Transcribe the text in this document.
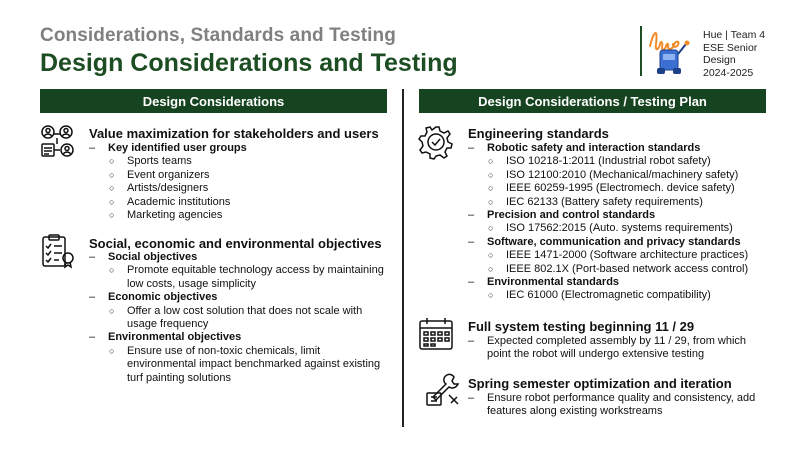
Considerations, Standards and Testing
Design Considerations and Testing
Hue | Team 4
ESE Senior
Design
2024-2025
Design Considerations	Design Considerations / Testing Plan
Value maximization for stakeholders and users
– Key identified user groups
○ Sports teams
○ Event organizers
○ Artists/designers
○ Academic institutions
○ Marketing agencies
Social, economic and environmental objectives
– Social objectives
○ Promote equitable technology access by maintaining low costs, usage simplicity
– Economic objectives
○ Offer a low cost solution that does not scale with usage frequency
– Environmental objectives
○ Ensure use of non-toxic chemicals, limit environmental impact benchmarked against existing turf painting solutions
Engineering standards
– Robotic safety and interaction standards
○ ISO 10218-1:2011 (Industrial robot safety)
○ ISO 12100:2010 (Mechanical/machinery safety)
○ IEEE 60259-1995 (Electromech. device safety)
○ IEC 62133 (Battery safety requirements)
– Precision and control standards
○ ISO 17562:2015 (Auto. systems requirements)
– Software, communication and privacy standards
○ IEEE 1471-2000 (Software architecture practices)
○ IEEE 802.1X (Port-based network access control)
– Environmental standards
○ IEC 61000 (Electromagnetic compatibility)
Full system testing beginning 11 / 29
– Expected completed assembly by 11 / 29, from which point the robot will undergo extensive testing
Spring semester optimization and iteration
– Ensure robot performance quality and consistency, add features along existing workstreams
